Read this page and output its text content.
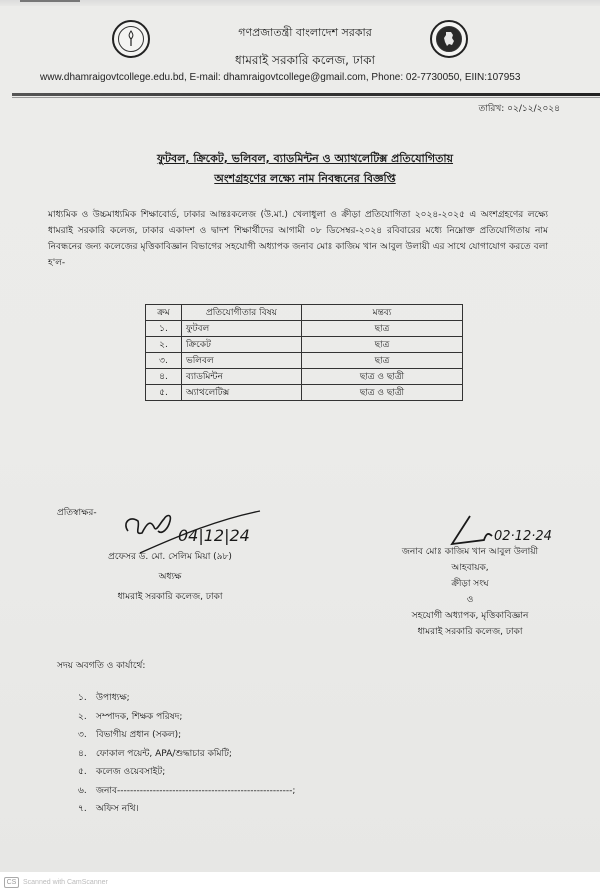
গণপ্রজাতন্ত্রী বাংলাদেশ সরকার
ধামরাই সরকারি কলেজ, ঢাকা
www.dhamraigovtcollege.edu.bd, E-mail: dhamraigovtcollege@gmail.com, Phone: 02-7730050, EIIN:107953
তারিখ: ০২/১২/২০২৪
ফুটবল, ক্রিকেট, ভলিবল, ব্যাডমিন্টন ও অ্যাথলেটিক্স প্রতিযোগিতায়
অংশগ্রহণের লক্ষ্যে নাম নিবন্ধনের বিজ্ঞপ্তি

মাধ্যমিক ও উচ্চমাধ্যমিক শিক্ষাবোর্ড, ঢাকার আন্তঃকলেজ (উ.মা.) খেলাধুলা ও ক্রীড়া প্রতিযোগিতা ২০২৪-২০২৫ এ অংশগ্রহণের লক্ষ্যে ধামরাই সরকারি কলেজ, ঢাকার একাদশ ও দ্বাদশ শিক্ষার্থীদের আগামী ০৮ ডিসেম্বর-২০২৪ রবিবারের মধ্যে নিম্নোক্ত প্রতিযোগিতায় নাম নিবন্ধনের জন্য কলেজের মৃত্তিকাবিজ্ঞান বিভাগের সহযোগী অধ্যাপক জনাব মোঃ কাজিম খান আবুল উলায়ী এর সাথে যোগাযোগ করতে বলা হ'ল-

ক্রম	প্রতিযোগীতার বিষয়	মন্তব্য
১.	ফুটবল	ছাত্র
২.	ক্রিকেট	ছাত্র
৩.	ভলিবল	ছাত্র
৪.	ব্যাডমিন্টন	ছাত্র ও ছাত্রী
৫.	অ্যাথলেটিক্স	ছাত্র ও ছাত্রী
প্রতিস্বাক্ষর-
04|12|24
প্রফেসর ড. মো. সেলিম মিয়া (৯৮)
অধ্যক্ষ
ধামরাই সরকারি কলেজ, ঢাকা
02·12·24
জনাব মোঃ কাজিম খান আবুল উলায়ী
আহবায়ক,
ক্রীড়া সংঘ
ও
সহযোগী অধ্যাপক, মৃত্তিকাবিজ্ঞান
ধামরাই সরকারি কলেজ, ঢাকা
সদয় অবগতি ও কার্যার্থে:
১. উপাধ্যক্ষ;
২. সম্পাদক, শিক্ষক পরিষদ;
৩. বিভাগীয় প্রধান (সকল);
৪. ফোকাল পয়েন্ট, APA/শুদ্ধাচার কমিটি;
৫. কলেজ ওয়েবসাইট;
৬. জনাব------------------------------------------------------;
৭. অফিস নথি।
CS Scanned with CamScanner
